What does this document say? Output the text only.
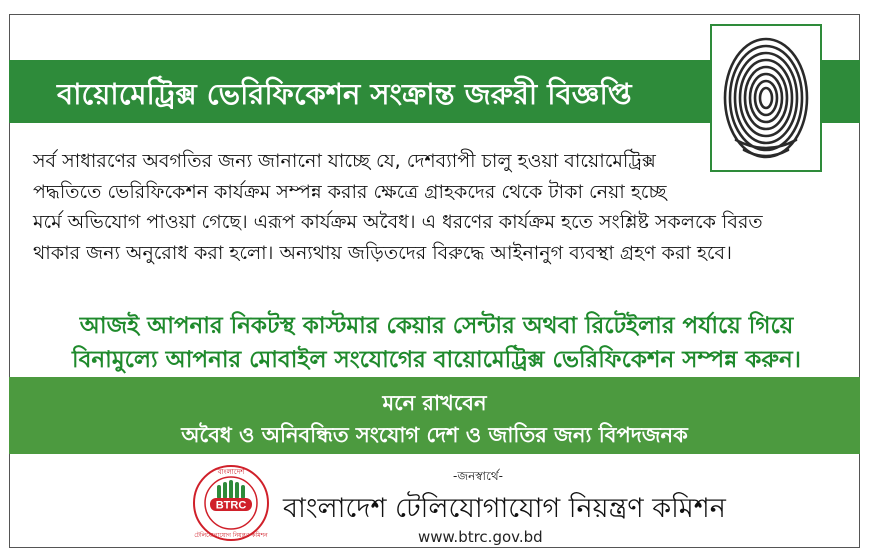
বায়োমেট্রিক্স ভেরিফিকেশন সংক্রান্ত জরুরী বিজ্ঞপ্তি

সর্ব সাধারণের অবগতির জন্য জানানো যাচ্ছে যে, দেশব্যাপী চালু হওয়া বায়োমেট্রিক্স

পদ্ধতিতে ভেরিফিকেশন কার্যক্রম সম্পন্ন করার ক্ষেত্রে গ্রাহকদের থেকে টাকা নেয়া হচ্ছে

মর্মে অভিযোগ পাওয়া গেছে। এরূপ কার্যক্রম অবৈধ। এ ধরণের কার্যক্রম হতে সংশ্লিষ্ট সকলকে বিরত

থাকার জন্য অনুরোধ করা হলো। অন্যথায় জড়িতদের বিরুদ্ধে আইনানুগ ব্যবস্থা গ্রহণ করা হবে।

আজই আপনার নিকটস্থ কাস্টমার কেয়ার সেন্টার অথবা রিটেইলার পর্যায়ে গিয়ে
বিনামুল্যে আপনার মোবাইল সংযোগের বায়োমেট্রিক্স ভেরিফিকেশন সম্পন্ন করুন।
মনে রাখবেন
অবৈধ ও অনিবন্ধিত সংযোগ দেশ ও জাতির জন্য বিপদজনক
-জনস্বার্থে-
BTRC
বাংলাদেশ
টেলিযোগাযোগ নিয়ন্ত্রণ কমিশন
বাংলাদেশ টেলিযোগাযোগ নিয়ন্ত্রণ কমিশন
www.btrc.gov.bd
